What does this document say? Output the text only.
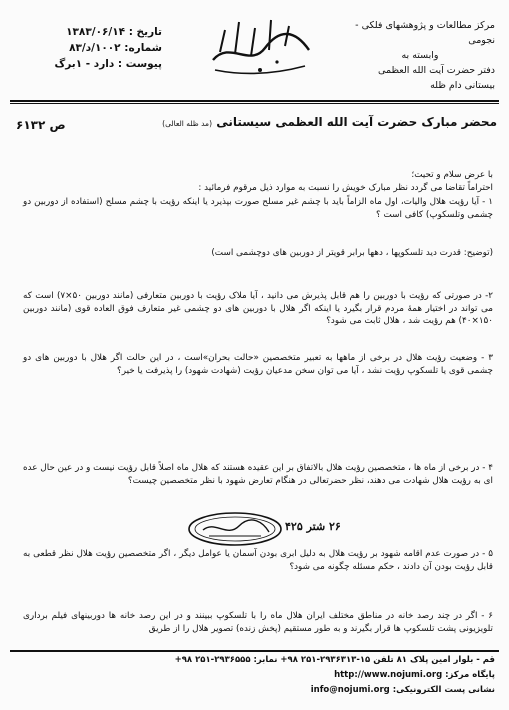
مرکز مطالعات و پژوهشهای فلکی - نجومی
وابسته به
دفتر حضرت آیت الله العظمی بیستانی دام ظله
تاریخ : ۱۳۸۳/۰۶/۱۴
شماره: ۱۰۰۲/د/۸۳
پیوست : دارد - ۱برگ
محضر مبارک حضرت آیت الله العظمی سیستانی (مد ظله العالی)
۶۱۳۲ ص
با عرض سلام و تحیت؛
احتراماً تقاضا می گردد نظر مبارک خویش را نسبت به موارد ذیل مرقوم فرمائید :
۱ - آیا رؤیت هلال والیات، اول ماه الزاماً باید با چشم غیر مسلح صورت بپذیرد یا اینکه رؤیت با چشم مسلح (استفاده از دوربین دو چشمی وتلسکوپ) کافی است ؟
(توضیح: قدرت دید تلسکوپها ، دهها برابر قویتر از دوربین های دوچشمی است)
۲- در صورتی که رؤیت با دوربین را هم قابل پذیرش می دانید ، آیا ملاک رؤیت با دوربین متعارفی (مانند دوربین ۵۰×۷) است که می تواند در اختیار همهٔ مردم قرار بگیرد یا اینکه اگر هلال با دوربین های دو چشمی غیر متعارف فوق العاده قوی (مانند دوربین ۱۵۰×۴۰) هم رؤیت شد ، هلال ثابت می شود؟
۳ - وضعیت رؤیت هلال در برخی از ماهها به تعبیر متخصصین «حالت بحران»است ، در این حالت اگر هلال با دوربین های دو چشمی قوی یا تلسکوپ رؤیت نشد ، آیا می توان سخن مدعیان رؤیت (شهادت شهود) را پذیرفت یا خیر؟
۴ - در برخی از ماه ها ، متخصصین رؤیت هلال بالاتفاق بر این عقیده هستند که هلال ماه اصلاً قابل رؤیت نیست و در عین حال عده ای به رؤیت هلال شهادت می دهند، نظر حضرتعالی در هنگام تعارض شهود با نظر متخصصین چیست؟
۲۶ شتر ۴۲۵
۵ - در صورت عدم اقامه شهود بر رؤیت هلال به دلیل ابری بودن آسمان یا عوامل دیگر ، اگر متخصصین رؤیت هلال نظر قطعی به قابل رؤیت بودن آن دادند ، حکم مسئله چگونه می شود؟
۶ - اگر در چند رصد خانه در مناطق مختلف ایران هلال ماه را با تلسکوپ ببینند و در این رصد خانه ها دوربینهای فیلم برداری تلویزیونی پشت تلسکوپ ها قرار بگیرند و به طور مستقیم (پخش زنده) تصویر هلال را از طریق
قم - بلوار امین پلاک ۸۱ تلفن ۱۵-۲۹۳۶۳۱۳-۲۵۱ ۹۸+ نمابر: ۲۹۳۶۵۵۵-۲۵۱ ۹۸+
پایگاه مرکز: http://www.nojumi.org
نشانی پست الکترونیکی: info@nojumi.org
